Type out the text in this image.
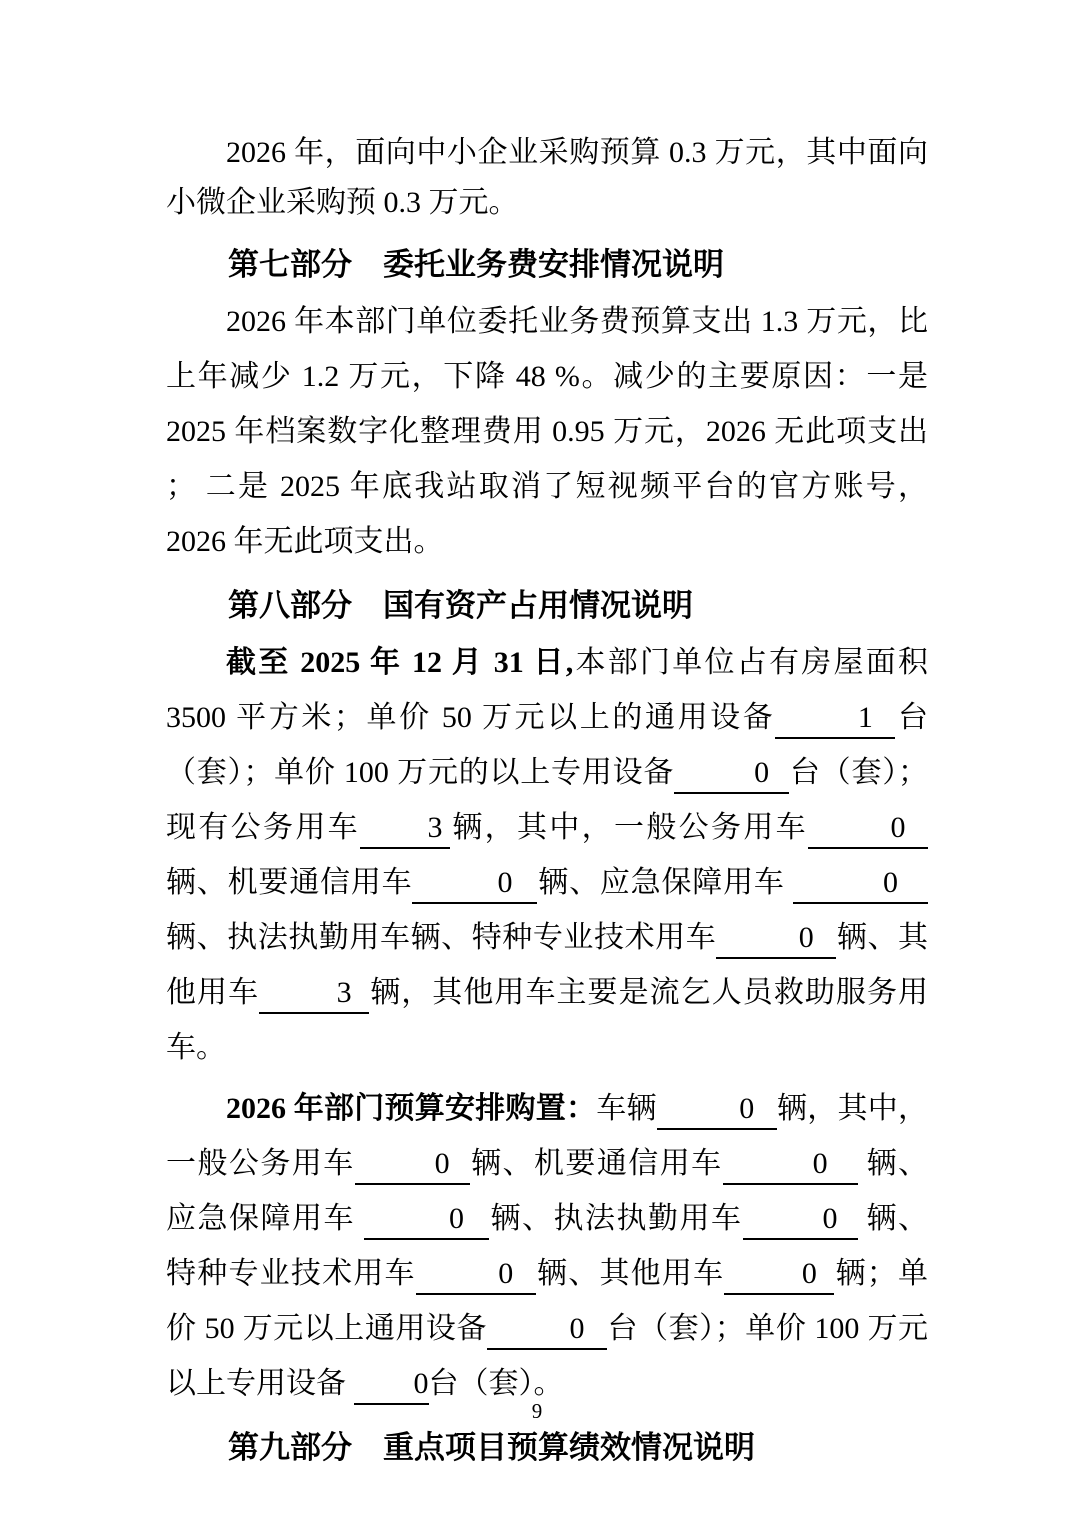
2026 年，面向中小企业采购预算 0.3 万元，其中面向小微企业采购预 0.3 万元。

第七部分　委托业务费安排情况说明

2026 年本部门单位委托业务费预算支出 1.3 万元，比上年减少 1.2 万元，下降 48 %。减少的主要原因：一是 2025 年档案数字化整理费用 0.95 万元，2026 无此项支出 ； 二是 2025 年底我站取消了短视频平台的官方账号，2026 年无此项支出。

第八部分　国有资产占用情况说明

截至 2025 年 12 月 31 日,本部门单位占有房屋面积 3500 平方米；单价 50 万元以上的通用设备	1 台（套）；单价 100 万元的以上专用设备	0 台（套）；现有公务用车 3 辆，其中，一般公务用车	0辆、机要通信用车	0 辆、应急保障用车	0 辆、执法执勤用车辆、特种专业技术用车	0 辆、其他用车	3 辆，其他用车主要是流乞人员救助服务用车。

2026 年部门预算安排购置：车辆	0 辆，其中，一般公务用车	0 辆、机要通信用车	0 辆、应急保障用车	0 辆、执法执勤用车	0 辆、特种专业技术用车	0 辆、其他用车	0 辆；单价 50 万元以上通用设备	0 台（套）；单价 100 万元以上专用设备 0台（套）。

第九部分　重点项目预算绩效情况说明

9
